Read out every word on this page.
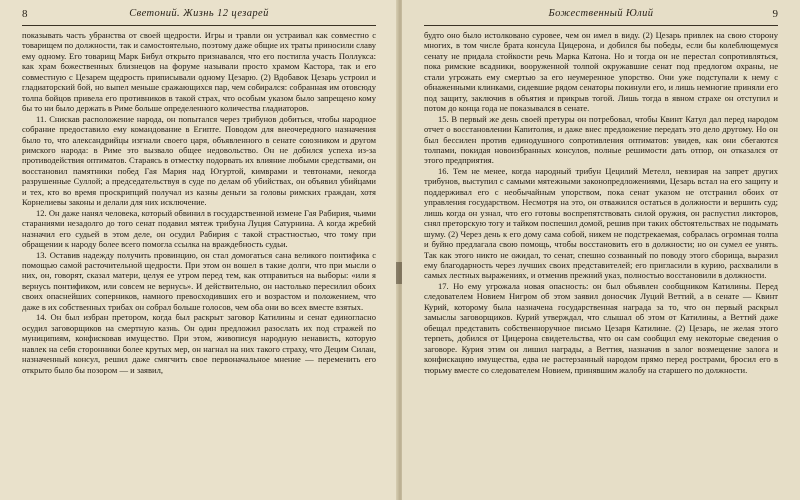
8	Светоний. Жизнь 12 цезарей

показывать часть убранства от своей щедрости. Игры и травли он устраивал как совместно с товарищем по должности, так и самостоятельно, поэтому даже общие их траты приносили славу ему одному. Его товарищ Марк Бибул открыто признавался, что его постигла участь Поллукса: как храм божественных близнецов на форуме называли просто храмом Кастора, так и его совместную с Цезарем щедрость приписывали одному Цезарю. (2) Вдобавок Цезарь устроил и гладиаторский бой, но выпел меньше сражающихся пар, чем собирался: собранная им отовсюду толпа бойцов привела его противников в такой страх, что особым указом было запрещено кому бы то ни было держать в Риме больше определенного количества гладиаторов.

11. Снискав расположение народа, он попытался через трибунов добиться, чтобы народное собрание предоставило ему командование в Египте. Поводом для внеочередного назначения было то, что александрийцы изгнали своего царя, объявленного в сенате союзником и другом римского народа: в Риме это вызвало общее недовольство. Он не добился успеха из-за противодействия оптиматов. Стараясь в отместку подорвать их влияние любыми средствами, он восстановил памятники побед Гая Мария над Югуртой, кимврами и тевтонами, некогда разрушенные Суллой; а председательствуя в суде по делам об убийствах, он объявил убийцами и тех, кто во время проскрипций получал из казны деньги за головы римских граждан, хотя Корнелиевы законы и делали для них исключение.

12. Он даже нанял человека, который обвинил в государственной измене Гая Рабирия, чьими стараниями незадолго до того сенат подавил мятеж трибуна Луция Сатурнина. А когда жребий назначил его судьей в этом деле, он осудил Рабирия с такой страстностью, что тому при обращении к народу более всего помогла ссылка на враждебность судьи.

13. Оставив надежду получить провинцию, он стал домогаться сана великого понтифика с помощью самой расточительной щедрости. При этом он вошел в такие долги, что при мысли о них, он, говорят, сказал матери, целуя ее утром перед тем, как отправиться на выборы: «или я вернусь понтификом, или совсем не вернусь». И действительно, он настолько пересилил обоих своих опаснейших соперников, намного превосходивших его и возрастом и положением, что даже в их собственных трибах он собрал больше голосов, чем оба они во всех вместе взятых.

14. Он был избран претором, когда был раскрыт заговор Катилины и сенат единогласно осудил заговорщиков на смертную казнь. Он один предложил разослать их под стражей по муниципиям, конфисковав имущество. При этом, живописуя народную ненависть, которую навлек на себя сторонники более крутых мер, он нагнал на них такого страху, что Децим Силан, назначенный консул, решил даже смягчить свое первоначальное мнение — переменить его открыто было бы позором — и заявил,

Божественный Юлий	9

будто оно было истолковано суровее, чем он имел в виду. (2) Цезарь привлек на свою сторону многих, в том числе брата консула Цицерона, и добился бы победы, если бы колеблющемуся сенату не придала стойкости речь Марка Катона. Но и тогда он не перестал сопротивляться, пока римские всадники, вооруженной толпой окружавшие сенат под предлогом охраны, не стали угрожать ему смертью за его неумеренное упорство. Они уже подступали к нему с обнаженными клинками, сидевшие рядом сенаторы покинули его, и лишь немногие приняли его под защиту, заключив в объятия и прикрыв тогой. Лишь тогда в явном страхе он отступил и потом до конца года не показывался в сенате.

15. В первый же день своей претуры он потребовал, чтобы Квинт Катул дал перед народом отчет о восстановлении Капитолия, и даже внес предложение передать это дело другому. Но он был бессилен против единодушного сопротивления оптиматов: увидев, как они сбегаются толпами, покидая новоизбранных консулов, полные решимости дать отпор, он отказался от этого предприятия.

16. Тем не менее, когда народный трибун Цецилий Метелл, невзирая на запрет других трибунов, выступил с самыми мятежными законопредложениями, Цезарь встал на его защиту и поддерживал его с необычайным упорством, пока сенат указом не отстранил обоих от управления государством. Несмотря на это, он отважился остаться в должности и вершить суд; лишь когда он узнал, что его готовы воспрепятствовать силой оружия, он распустил ликторов, снял преторскую тогу и тайком поспешил домой, решив при таких обстоятельствах не подымать шуму. (2) Через день к его дому сама собой, никем не подстрекаемая, собралась огромная толпа и буйно предлагала свою помощь, чтобы восстановить его в должности; но он сумел ее унять. Так как этого никто не ожидал, то сенат, спешно созванный по поводу этого сборища, выразил ему благодарность через лучших своих представителей; его пригласили в курию, расхвалили в самых лестных выражениях, и отменив прежний указ, полностью восстановили в должности.

17. Но ему угрожала новая опасность: он был объявлен сообщником Катилины. Перед следователем Новием Нигром об этом заявил доносчик Луций Веттий, а в сенате — Квинт Курий, которому была назначена государственная награда за то, что он первый раскрыл замыслы заговорщиков. Курий утверждал, что слышал об этом от Катилины, а Веттий даже обещал представить собственноручное письмо Цезаря Катилине. (2) Цезарь, не желая этого терпеть, добился от Цицерона свидетельства, что он сам сообщил ему некоторые сведения о заговоре. Курия этим он лишил награды, а Веттия, назначив в залог возмещение залога и конфискацию имущества, едва не растерзанный народом прямо перед рострами, бросил его в тюрьму вместе со следователем Новием, принявшим жалобу на старшего по должности.
